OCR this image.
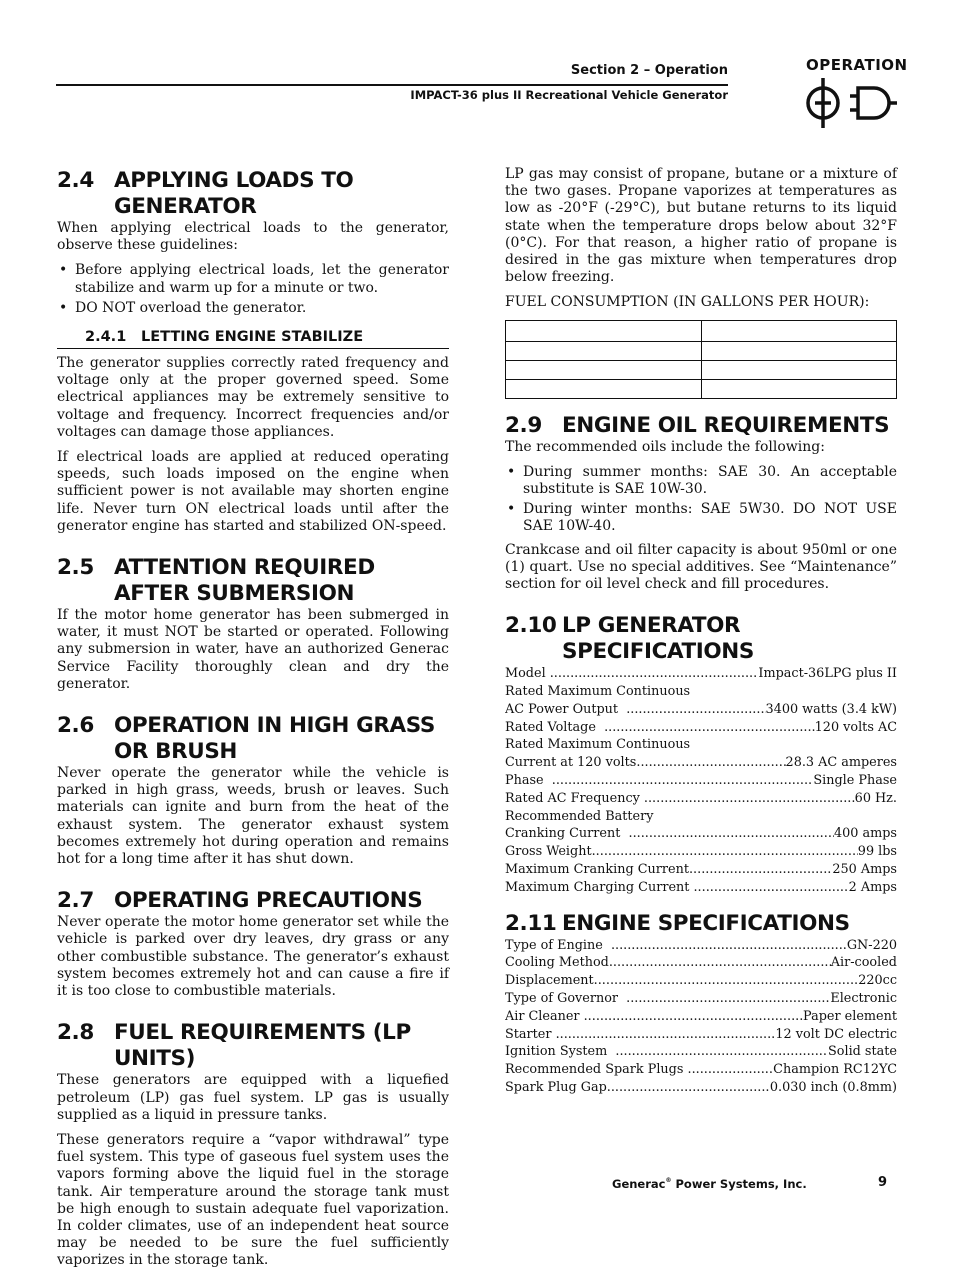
Section 2 – Operation
IMPACT-36 plus II Recreational Vehicle Generator
OPERATION
2.4 APPLYING LOADS TO GENERATOR

When applying electrical loads to the generator, observe these guidelines:

• Before applying electrical loads, let the generator stabilize and warm up for a minute or two.
• DO NOT overload the generator.
2.4.1 LETTING ENGINE STABILIZE

The generator supplies correctly rated frequency and voltage only at the proper governed speed. Some electrical appliances may be extremely sensitive to voltage and frequency. Incorrect frequencies and/or voltages can damage those appliances.

If electrical loads are applied at reduced operating speeds, such loads imposed on the engine when sufficient power is not available may shorten engine life. Never turn ON electrical loads until after the generator engine has started and stabilized ON-speed.

2.5 ATTENTION REQUIRED AFTER SUBMERSION

If the motor home generator has been submerged in water, it must NOT be started or operated. Following any submersion in water, have an authorized Generac Service Facility thoroughly clean and dry the generator.

2.6 OPERATION IN HIGH GRASS OR BRUSH

Never operate the generator while the vehicle is parked in high grass, weeds, brush or leaves. Such materials can ignite and burn from the heat of the exhaust system. The generator exhaust system becomes extremely hot during operation and remains hot for a long time after it has shut down.

2.7 OPERATING PRECAUTIONS

Never operate the motor home generator set while the vehicle is parked over dry leaves, dry grass or any other combustible substance. The generator’s exhaust system becomes extremely hot and can cause a fire if it is too close to combustible materials.

2.8 FUEL REQUIREMENTS (LP UNITS)

These generators are equipped with a liquefied petroleum (LP) gas fuel system. LP gas is usually supplied as a liquid in pressure tanks.

These generators require a “vapor withdrawal” type fuel system. This type of gaseous fuel system uses the vapors forming above the liquid fuel in the storage tank. Air temperature around the storage tank must be high enough to sustain adequate fuel vaporization. In colder climates, use of an independent heat source may be needed to be sure the fuel sufficiently vaporizes in the storage tank.

LP gas may consist of propane, butane or a mixture of the two gases. Propane vaporizes at temperatures as low as -20°F (-29°C), but butane returns to its liquid state when the temperature drops below about 32°F (0°C). For that reason, a higher ratio of propane is desired in the gas mixture when temperatures drop below freezing.

FUEL CONSUMPTION (IN GALLONS PER HOUR):

2.9 ENGINE OIL REQUIREMENTS

The recommended oils include the following:

• During summer months: SAE 30. An acceptable substitute is SAE 10W-30.
• During winter months: SAE 5W30. DO NOT USE SAE 10W-40.

Crankcase and oil filter capacity is about 950ml or one (1) quart. Use no special additives. See “Maintenance” section for oil level check and fill procedures.

2.10 LP GENERATOR SPECIFICATIONS
Model .....	Impact-36LPG plus II
Rated Maximum Continuous
AC Power Output .....	3400 watts (3.4 kW)
Rated Voltage .....	120 volts AC
Rated Maximum Continuous
Current at 120 volts .....	28.3 AC amperes
Phase .....	Single Phase
Rated AC Frequency .....	60 Hz.
Recommended Battery
Cranking Current .....	400 amps
Gross Weight .....	99 lbs
Maximum Cranking Current .....	250 Amps
Maximum Charging Current .....	2 Amps
2.11 ENGINE SPECIFICATIONS
Type of Engine .....	GN-220
Cooling Method .....	Air-cooled
Displacement .....	220cc
Type of Governor .....	Electronic
Air Cleaner .....	Paper element
Starter .....	12 volt DC electric
Ignition System .....	Solid state
Recommended Spark Plugs .....	Champion RC12YC
Spark Plug Gap .....	0.030 inch (0.8mm)
Generac® Power Systems, Inc.	9
